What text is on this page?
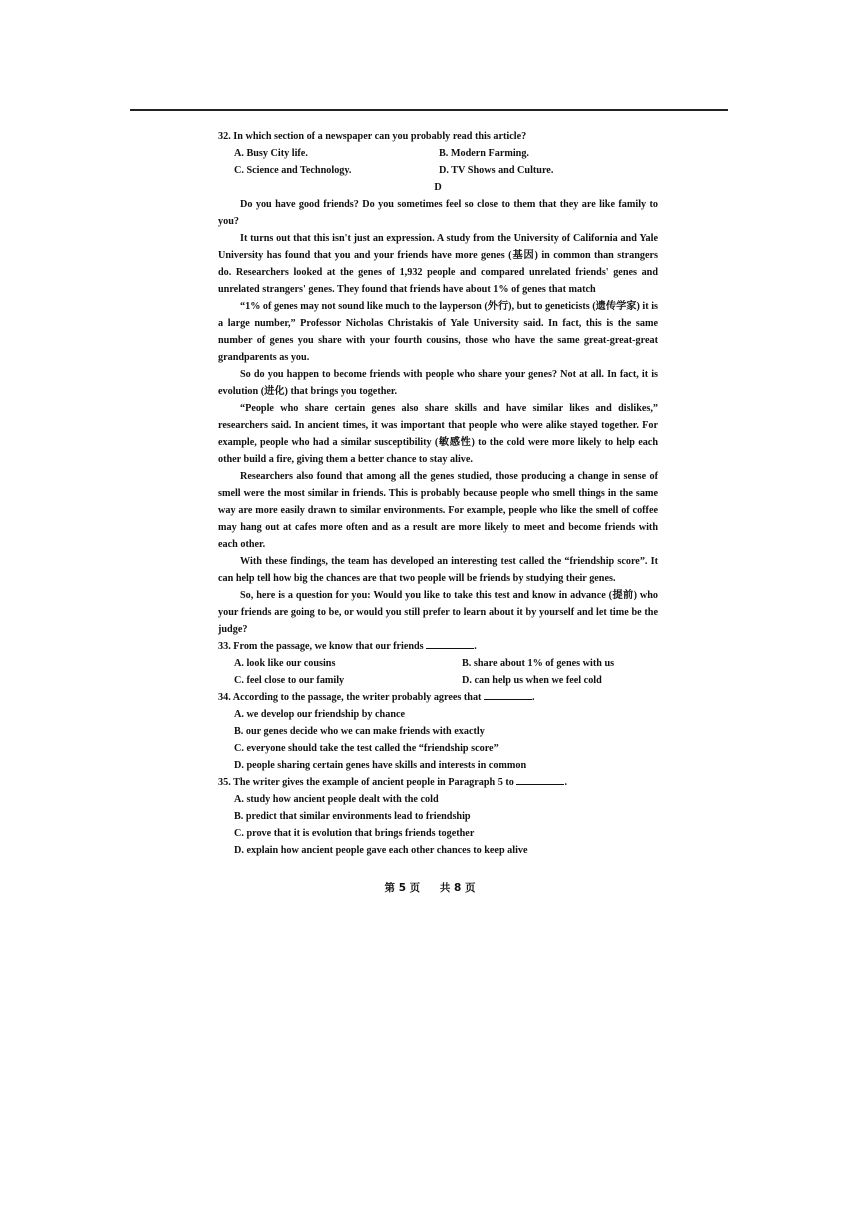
32. In which section of a newspaper can you probably read this article?

A. Busy City life.	B. Modern Farming.
C. Science and Technology.	D. TV Shows and Culture.

D

Do you have good friends? Do you sometimes feel so close to them that they are like family to you?

It turns out that this isn't just an expression. A study from the University of California and Yale University has found that you and your friends have more genes (基因) in common than strangers do. Researchers looked at the genes of 1,932 people and compared unrelated friends' genes and unrelated strangers' genes. They found that friends have about 1% of genes that match

“1% of genes may not sound like much to the layperson (外行), but to geneticists (遗传学家) it is a large number,” Professor Nicholas Christakis of Yale University said. In fact, this is the same number of genes you share with your fourth cousins, those who have the same great-great-great grandparents as you.

So do you happen to become friends with people who share your genes? Not at all. In fact, it is evolution (进化) that brings you together.

“People who share certain genes also share skills and have similar likes and dislikes,” researchers said. In ancient times, it was important that people who were alike stayed together. For example, people who had a similar susceptibility (敏感性) to the cold were more likely to help each other build a fire, giving them a better chance to stay alive.

Researchers also found that among all the genes studied, those producing a change in sense of smell were the most similar in friends. This is probably because people who smell things in the same way are more easily drawn to similar environments. For example, people who like the smell of coffee may hang out at cafes more often and as a result are more likely to meet and become friends with each other.

With these findings, the team has developed an interesting test called the “friendship score”. It can help tell how big the chances are that two people will be friends by studying their genes.

So, here is a question for you: Would you like to take this test and know in advance (提前) who your friends are going to be, or would you still prefer to learn about it by yourself and let time be the judge?

33. From the passage, we know that our friends	.

A. look like our cousins	B. share about 1% of genes with us
C. feel close to our family	D. can help us when we feel cold

34. According to the passage, the writer probably agrees that	.

A. we develop our friendship by chance
B. our genes decide who we can make friends with exactly
C. everyone should take the test called the “friendship score”
D. people sharing certain genes have skills and interests in common

35. The writer gives the example of ancient people in Paragraph 5 to	.

A. study how ancient people dealt with the cold
B. predict that similar environments lead to friendship
C. prove that it is evolution that brings friends together
D. explain how ancient people gave each other chances to keep alive
第 5 页 共 8 页
